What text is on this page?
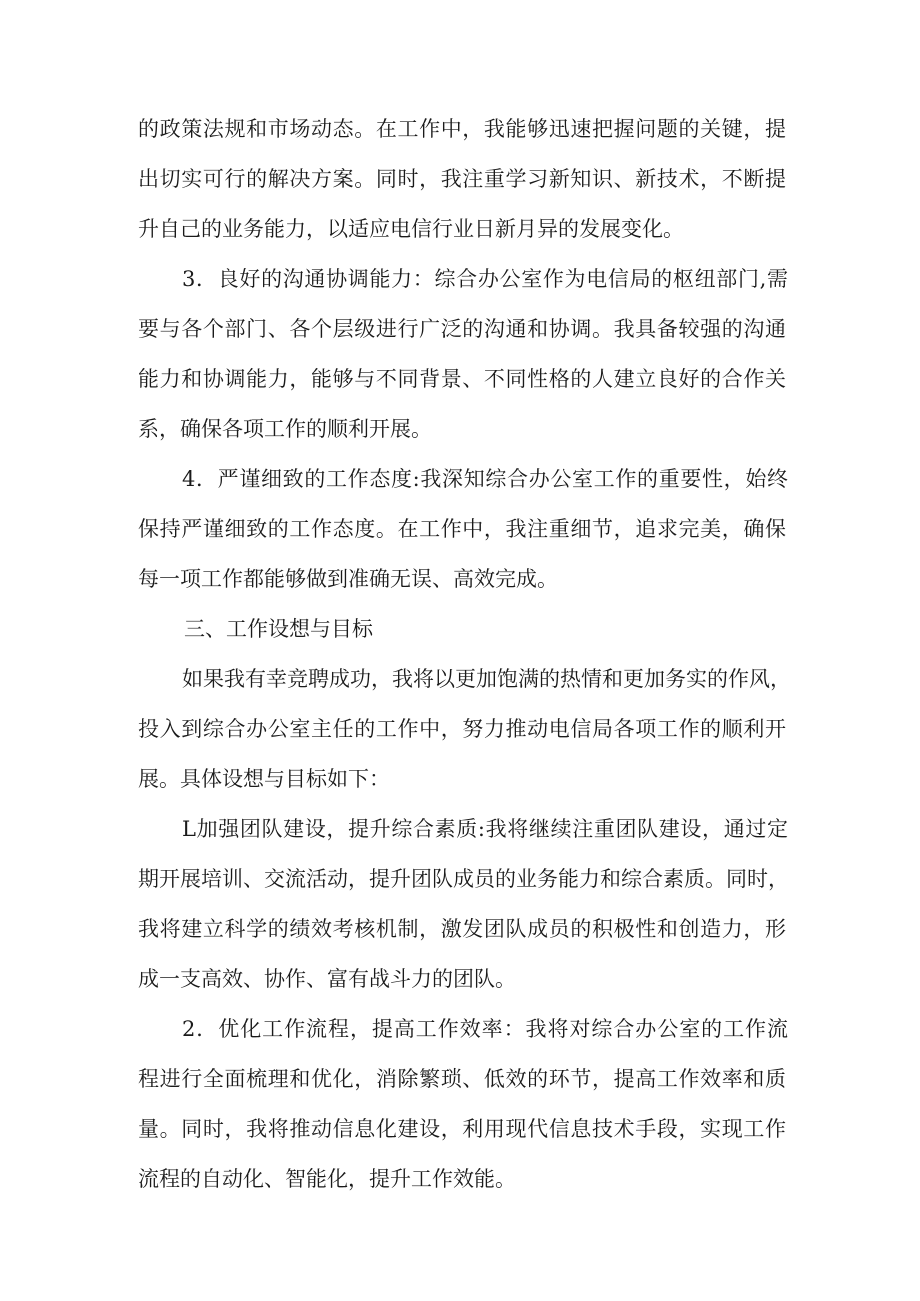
的政策法规和市场动态。在工作中，我能够迅速把握问题的关键，提
出切实可行的解决方案。同时，我注重学习新知识、新技术，不断提
升自己的业务能力，以适应电信行业日新月异的发展变化。
3．良好的沟通协调能力：综合办公室作为电信局的枢纽部门,需
要与各个部门、各个层级进行广泛的沟通和协调。我具备较强的沟通
能力和协调能力，能够与不同背景、不同性格的人建立良好的合作关
系，确保各项工作的顺利开展。
4．严谨细致的工作态度:我深知综合办公室工作的重要性，始终
保持严谨细致的工作态度。在工作中，我注重细节，追求完美，确保
每一项工作都能够做到准确无误、高效完成。
三、工作设想与目标
如果我有幸竞聘成功，我将以更加饱满的热情和更加务实的作风，
投入到综合办公室主任的工作中，努力推动电信局各项工作的顺利开
展。具体设想与目标如下：
L加强团队建设，提升综合素质:我将继续注重团队建设，通过定
期开展培训、交流活动，提升团队成员的业务能力和综合素质。同时，
我将建立科学的绩效考核机制，激发团队成员的积极性和创造力，形
成一支高效、协作、富有战斗力的团队。
2．优化工作流程，提高工作效率：我将对综合办公室的工作流
程进行全面梳理和优化，消除繁琐、低效的环节，提高工作效率和质
量。同时，我将推动信息化建设，利用现代信息技术手段，实现工作
流程的自动化、智能化，提升工作效能。
